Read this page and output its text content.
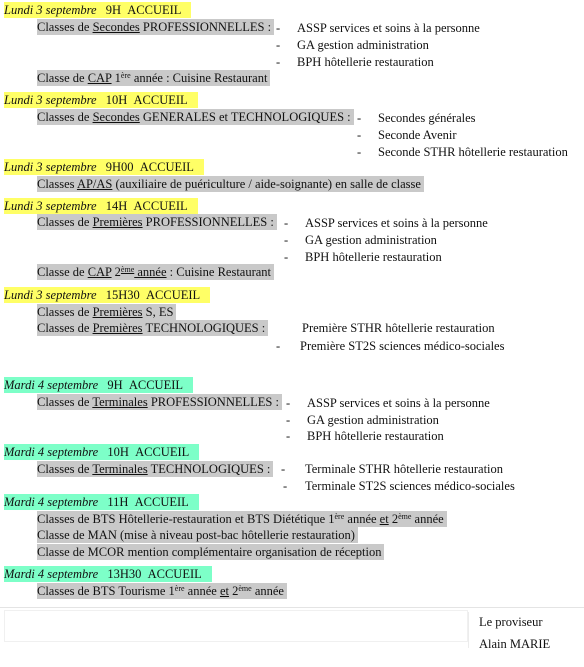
Lundi 3 septembre 9H ACCUEIL
Classes de Secondes PROFESSIONNELLES : - ASSP services et soins à la personne
- GA gestion administration
- BPH hôtellerie restauration
Classe de CAP 1ère année : Cuisine Restaurant
Lundi 3 septembre 10H ACCUEIL
Classes de Secondes GENERALES et TECHNOLOGIQUES : - Secondes générales
- Seconde Avenir
- Seconde STHR hôtellerie restauration
Lundi 3 septembre 9H00 ACCUEIL
Classes AP/AS (auxiliaire de puériculture / aide-soignante) en salle de classe
Lundi 3 septembre 14H ACCUEIL
Classes de Premières PROFESSIONNELLES : - ASSP services et soins à la personne
- GA gestion administration
- BPH hôtellerie restauration
Classe de CAP 2ème année : Cuisine Restaurant
Lundi 3 septembre 15H30 ACCUEIL
Classes de Premières S, ES
Classes de Premières TECHNOLOGIQUES :	Première STHR hôtellerie restauration
- Première ST2S sciences médico-sociales
Mardi 4 septembre 9H ACCUEIL
Classes de Terminales PROFESSIONNELLES : - ASSP services et soins à la personne
- GA gestion administration
- BPH hôtellerie restauration
Mardi 4 septembre 10H ACCUEIL
Classes de Terminales TECHNOLOGIQUES : - Terminale STHR hôtellerie restauration
- Terminale ST2S sciences médico-sociales
Mardi 4 septembre 11H ACCUEIL
Classes de BTS Hôtellerie-restauration et BTS Diététique 1ère année et 2ème année
Classe de MAN (mise à niveau post-bac hôtellerie restauration)
Classe de MCOR mention complémentaire organisation de réception
Mardi 4 septembre 13H30 ACCUEIL
Classes de BTS Tourisme 1ère année et 2ème année
Le proviseur
Alain MARIE
